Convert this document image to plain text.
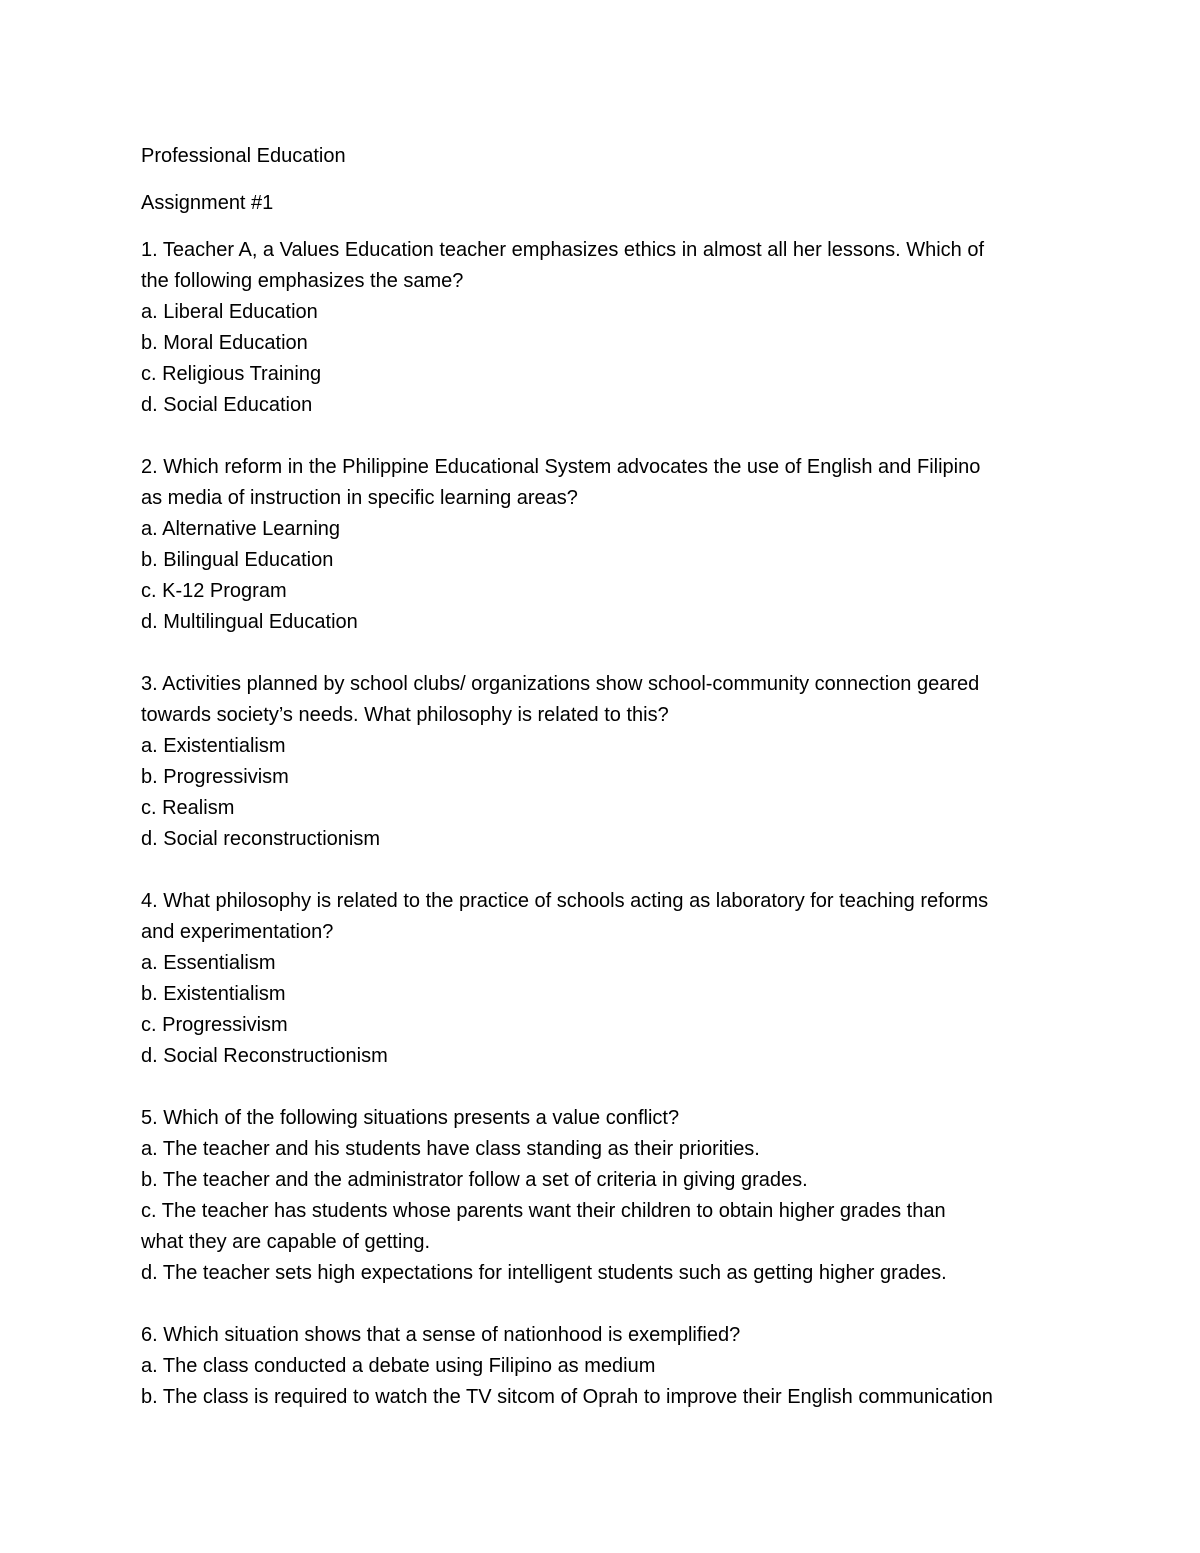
Professional Education

Assignment #1

1. Teacher A, a Values Education teacher emphasizes ethics in almost all her lessons. Which of

the following emphasizes the same?

a. Liberal Education

b. Moral Education

c. Religious Training

d. Social Education

2. Which reform in the Philippine Educational System advocates the use of English and Filipino

as media of instruction in specific learning areas?

a. Alternative Learning

b. Bilingual Education

c. K-12 Program

d. Multilingual Education

3. Activities planned by school clubs/ organizations show school-community connection geared

towards society’s needs. What philosophy is related to this?

a. Existentialism

b. Progressivism

c. Realism

d. Social reconstructionism

4. What philosophy is related to the practice of schools acting as laboratory for teaching reforms

and experimentation?

a. Essentialism

b. Existentialism

c. Progressivism

d. Social Reconstructionism

5. Which of the following situations presents a value conflict?

a. The teacher and his students have class standing as their priorities.

b. The teacher and the administrator follow a set of criteria in giving grades.

c. The teacher has students whose parents want their children to obtain higher grades than

what they are capable of getting.

d. The teacher sets high expectations for intelligent students such as getting higher grades.

6. Which situation shows that a sense of nationhood is exemplified?

a. The class conducted a debate using Filipino as medium

b. The class is required to watch the TV sitcom of Oprah to improve their English communication
